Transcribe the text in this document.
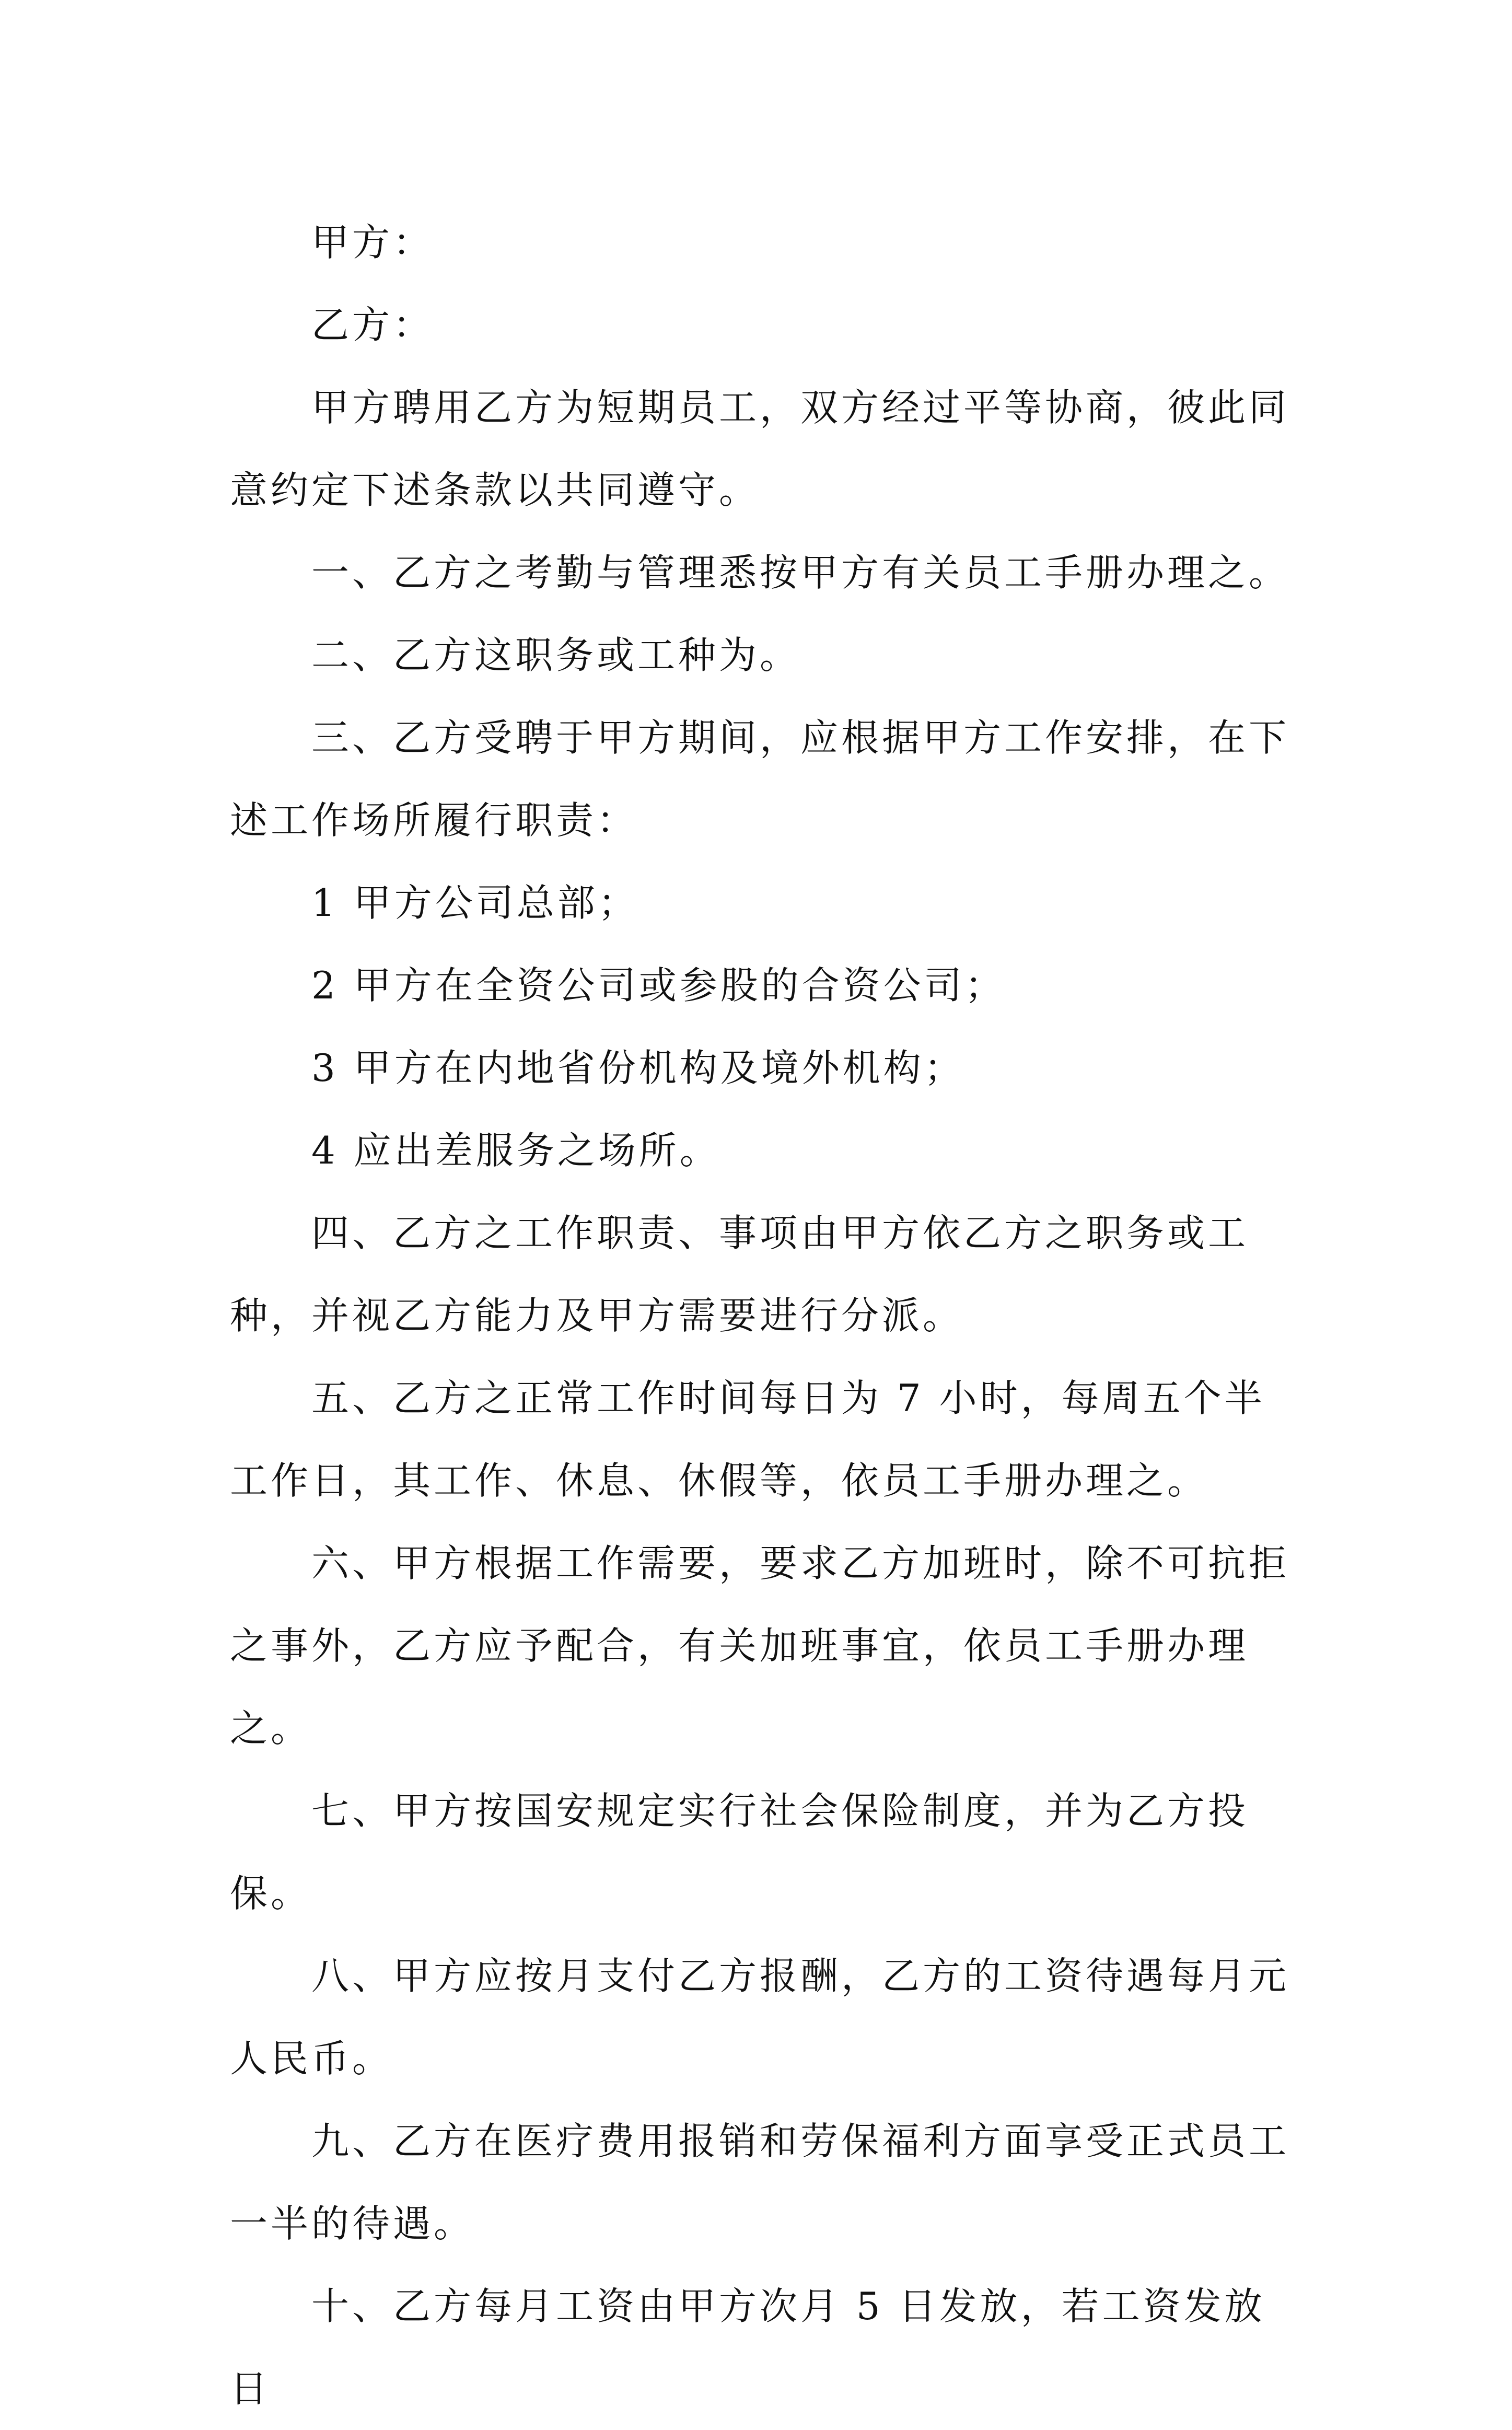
甲方：

乙方：

甲方聘用乙方为短期员工，双方经过平等协商，彼此同意约定下述条款以共同遵守。

一、乙方之考勤与管理悉按甲方有关员工手册办理之。

二、乙方这职务或工种为。

三、乙方受聘于甲方期间，应根据甲方工作安排，在下述工作场所履行职责：

1 甲方公司总部；

2 甲方在全资公司或参股的合资公司；

3 甲方在内地省份机构及境外机构；

4 应出差服务之场所。

四、乙方之工作职责、事项由甲方依乙方之职务或工种，并视乙方能力及甲方需要进行分派。

五、乙方之正常工作时间每日为 7 小时，每周五个半工作日，其工作、休息、休假等，依员工手册办理之。

六、甲方根据工作需要，要求乙方加班时，除不可抗拒之事外，乙方应予配合，有关加班事宜，依员工手册办理之。

七、甲方按国安规定实行社会保险制度，并为乙方投保。

八、甲方应按月支付乙方报酬，乙方的工资待遇每月元人民币。

九、乙方在医疗费用报销和劳保福利方面享受正式员工一半的待遇。

十、乙方每月工资由甲方次月 5 日发放，若工资发放日
